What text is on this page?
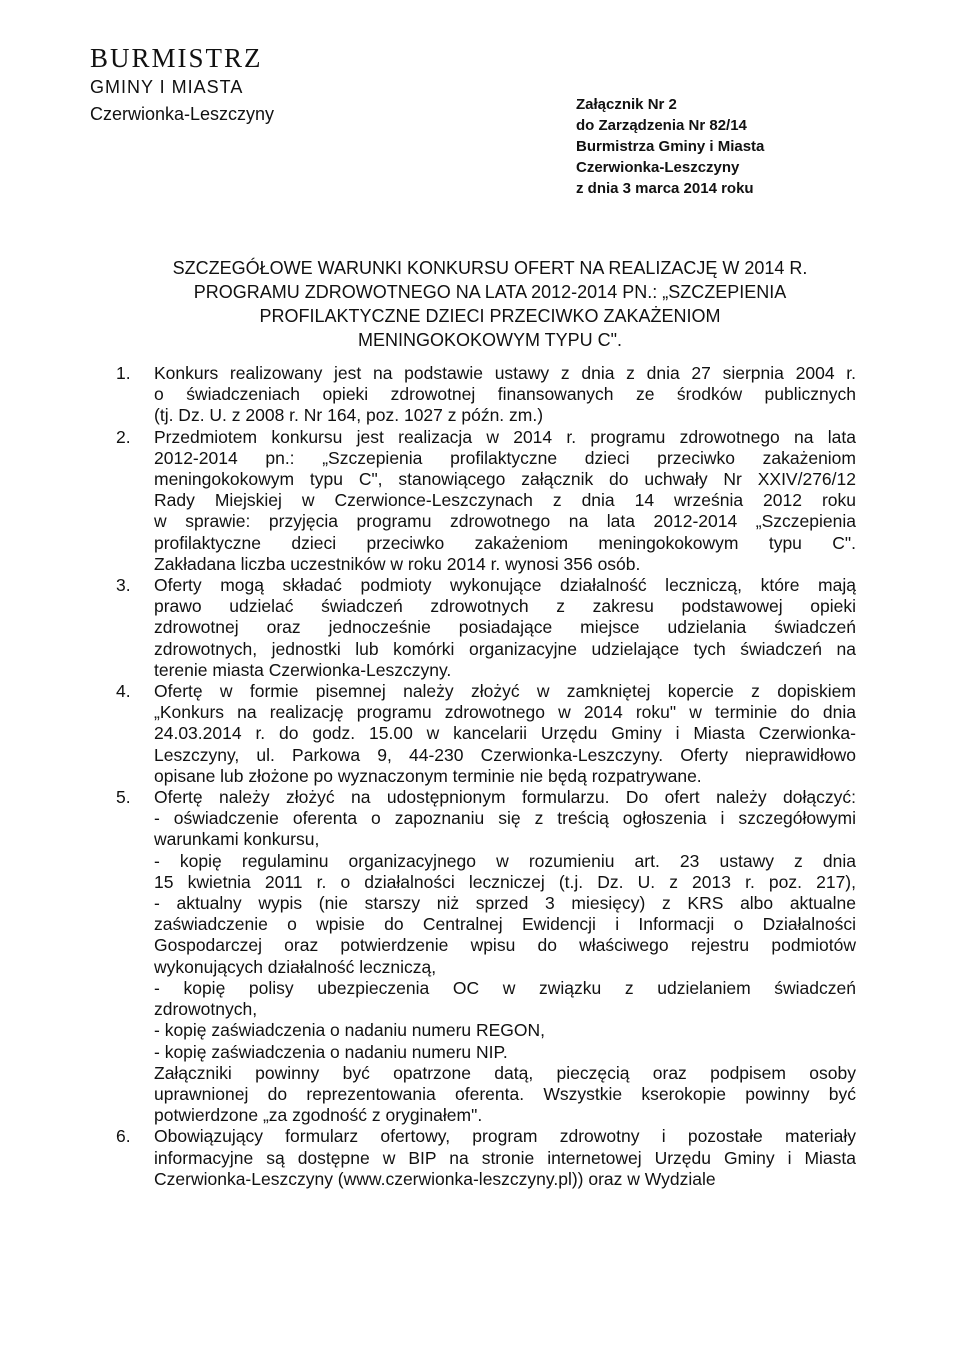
BURMISTRZ
GMINY I MIASTA
Czerwionka-Leszczyny	Załącznik Nr 2
do Zarządzenia Nr 82/14
Burmistrza Gminy i Miasta
Czerwionka-Leszczyny
z dnia 3 marca 2014 roku
SZCZEGÓŁOWE WARUNKI KONKURSU OFERT NA REALIZACJĘ W 2014 R.
PROGRAMU ZDROWOTNEGO NA LATA 2012-2014 PN.: „SZCZEPIENIA
PROFILAKTYCZNE DZIECI PRZECIWKO ZAKAŻENIOM
MENINGOKOKOWYM TYPU C".
1.	Konkurs realizowany jest na podstawie ustawy z dnia z dnia 27 sierpnia 2004 r.
o świadczeniach opieki zdrowotnej finansowanych ze środków publicznych
(tj. Dz. U. z 2008 r. Nr 164, poz. 1027 z późn. zm.)

2.	Przedmiotem konkursu jest realizacja w 2014 r. programu zdrowotnego na lata
2012-2014 pn.: „Szczepienia profilaktyczne dzieci przeciwko zakażeniom
meningokokowym typu C", stanowiącego załącznik do uchwały Nr XXIV/276/12
Rady Miejskiej w Czerwionce-Leszczynach z dnia 14 września 2012 roku
w sprawie: przyjęcia programu zdrowotnego na lata 2012-2014 „Szczepienia
profilaktyczne dzieci przeciwko zakażeniom meningokokowym typu C".
Zakładana liczba uczestników w roku 2014 r. wynosi 356 osób.

3.	Oferty mogą składać podmioty wykonujące działalność leczniczą, które mają
prawo udzielać świadczeń zdrowotnych z zakresu podstawowej opieki
zdrowotnej oraz jednocześnie posiadające miejsce udzielania świadczeń
zdrowotnych, jednostki lub komórki organizacyjne udzielające tych świadczeń na
terenie miasta Czerwionka-Leszczyny.

4.	Ofertę w formie pisemnej należy złożyć w zamkniętej kopercie z dopiskiem
„Konkurs na realizację programu zdrowotnego w 2014 roku" w terminie do dnia
24.03.2014 r. do godz. 15.00 w kancelarii Urzędu Gminy i Miasta Czerwionka-
Leszczyny, ul. Parkowa 9, 44-230 Czerwionka-Leszczyny. Oferty nieprawidłowo
opisane lub złożone po wyznaczonym terminie nie będą rozpatrywane.

5.	Ofertę należy złożyć na udostępnionym formularzu. Do ofert należy dołączyć:
- oświadczenie oferenta o zapoznaniu się z treścią ogłoszenia i szczegółowymi
warunkami konkursu,
- kopię regulaminu organizacyjnego w rozumieniu art. 23 ustawy z dnia
15 kwietnia 2011 r. o działalności leczniczej (t.j. Dz. U. z 2013 r. poz. 217),
- aktualny wypis (nie starszy niż sprzed 3 miesięcy) z KRS albo aktualne
zaświadczenie o wpisie do Centralnej Ewidencji i Informacji o Działalności
Gospodarczej oraz potwierdzenie wpisu do właściwego rejestru podmiotów
wykonujących działalność leczniczą,
- kopię polisy ubezpieczenia OC w związku z udzielaniem świadczeń
zdrowotnych,
- kopię zaświadczenia o nadaniu numeru REGON,
- kopię zaświadczenia o nadaniu numeru NIP.
Załączniki powinny być opatrzone datą, pieczęcią oraz podpisem osoby
uprawnionej do reprezentowania oferenta. Wszystkie kserokopie powinny być
potwierdzone „za zgodność z oryginałem".

6.	Obowiązujący formularz ofertowy, program zdrowotny i pozostałe materiały
informacyjne są dostępne w BIP na stronie internetowej Urzędu Gminy i Miasta
Czerwionka-Leszczyny (www.czerwionka-leszczyny.pl)) oraz w Wydziale
